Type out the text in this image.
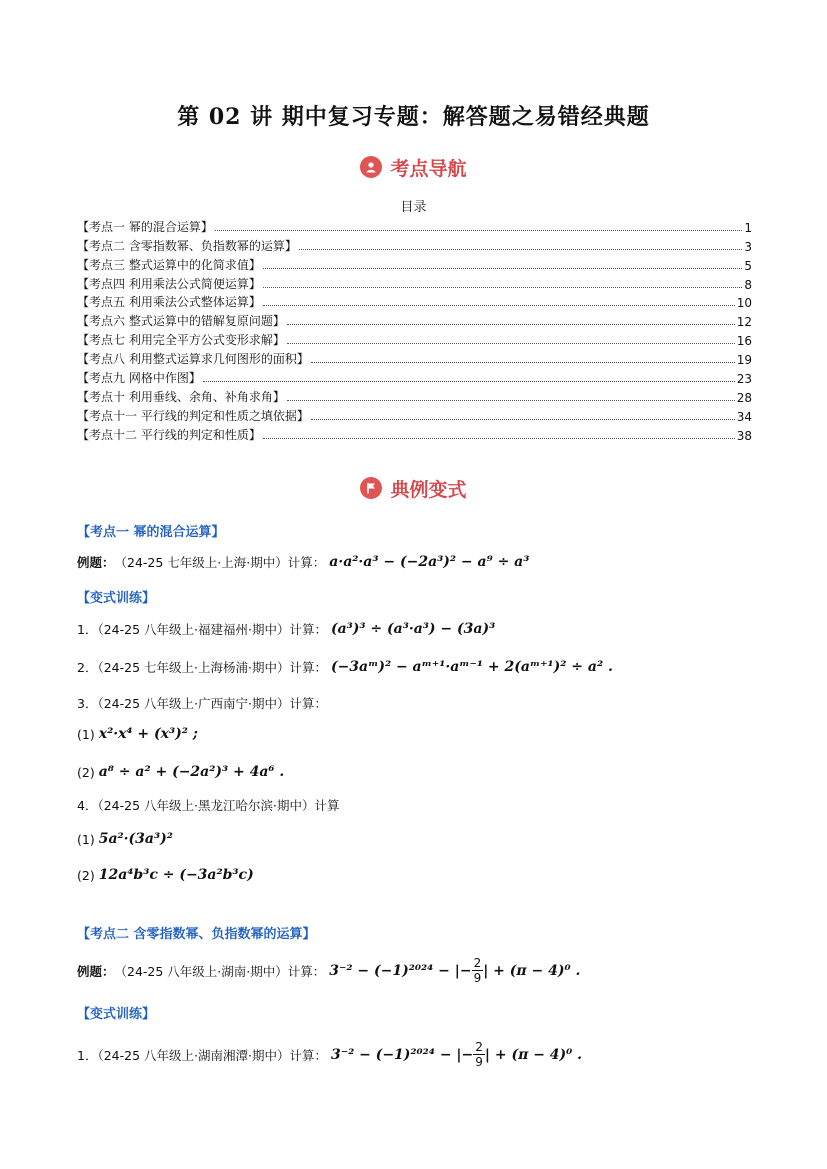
第 02 讲 期中复习专题：解答题之易错经典题
考点导航
目录
【考点一 幂的混合运算】	1
【考点二 含零指数幂、负指数幂的运算】	3
【考点三 整式运算中的化简求值】	5
【考点四 利用乘法公式简便运算】	8
【考点五 利用乘法公式整体运算】	10
【考点六 整式运算中的错解复原问题】	12
【考点七 利用完全平方公式变形求解】	16
【考点八 利用整式运算求几何图形的面积】	19
【考点九 网格中作图】	23
【考点十 利用垂线、余角、补角求角】	28
【考点十一 平行线的判定和性质之填依据】	34
【考点十二 平行线的判定和性质】	38
典例变式
【考点一 幂的混合运算】
例题： （24-25 七年级上·上海·期中）计算： a·a²·a³ − (−2a³)² − a⁹ ÷ a³
【变式训练】
1．（24-25 八年级上·福建福州·期中）计算： (a³)³ ÷ (a³·a³) − (3a)³
2．（24-25 七年级上·上海杨浦·期中）计算： (−3aᵐ)² − aᵐ⁺¹·aᵐ⁻¹ + 2(aᵐ⁺¹)² ÷ a² .
3．（24-25 八年级上·广西南宁·期中）计算：
(1) x²·x⁴ + (x³)² ;
(2) a⁸ ÷ a² + (−2a²)³ + 4a⁶ .
4．（24-25 八年级上·黑龙江哈尔滨·期中）计算
(1) 5a²·(3a³)²
(2) 12a⁴b³c ÷ (−3a²b³c)
【考点二 含零指数幂、负指数幂的运算】
例题： （24-25 八年级上·湖南·期中）计算： 3⁻² − (−1)²⁰²⁴ − |− $\frac{2}{9}$ | + (π − 4)⁰ .
【变式训练】
1．（24-25 八年级上·湖南湘潭·期中）计算： 3⁻² − (−1)²⁰²⁴ − |− $\frac{2}{9}$ | + (π − 4)⁰ .
